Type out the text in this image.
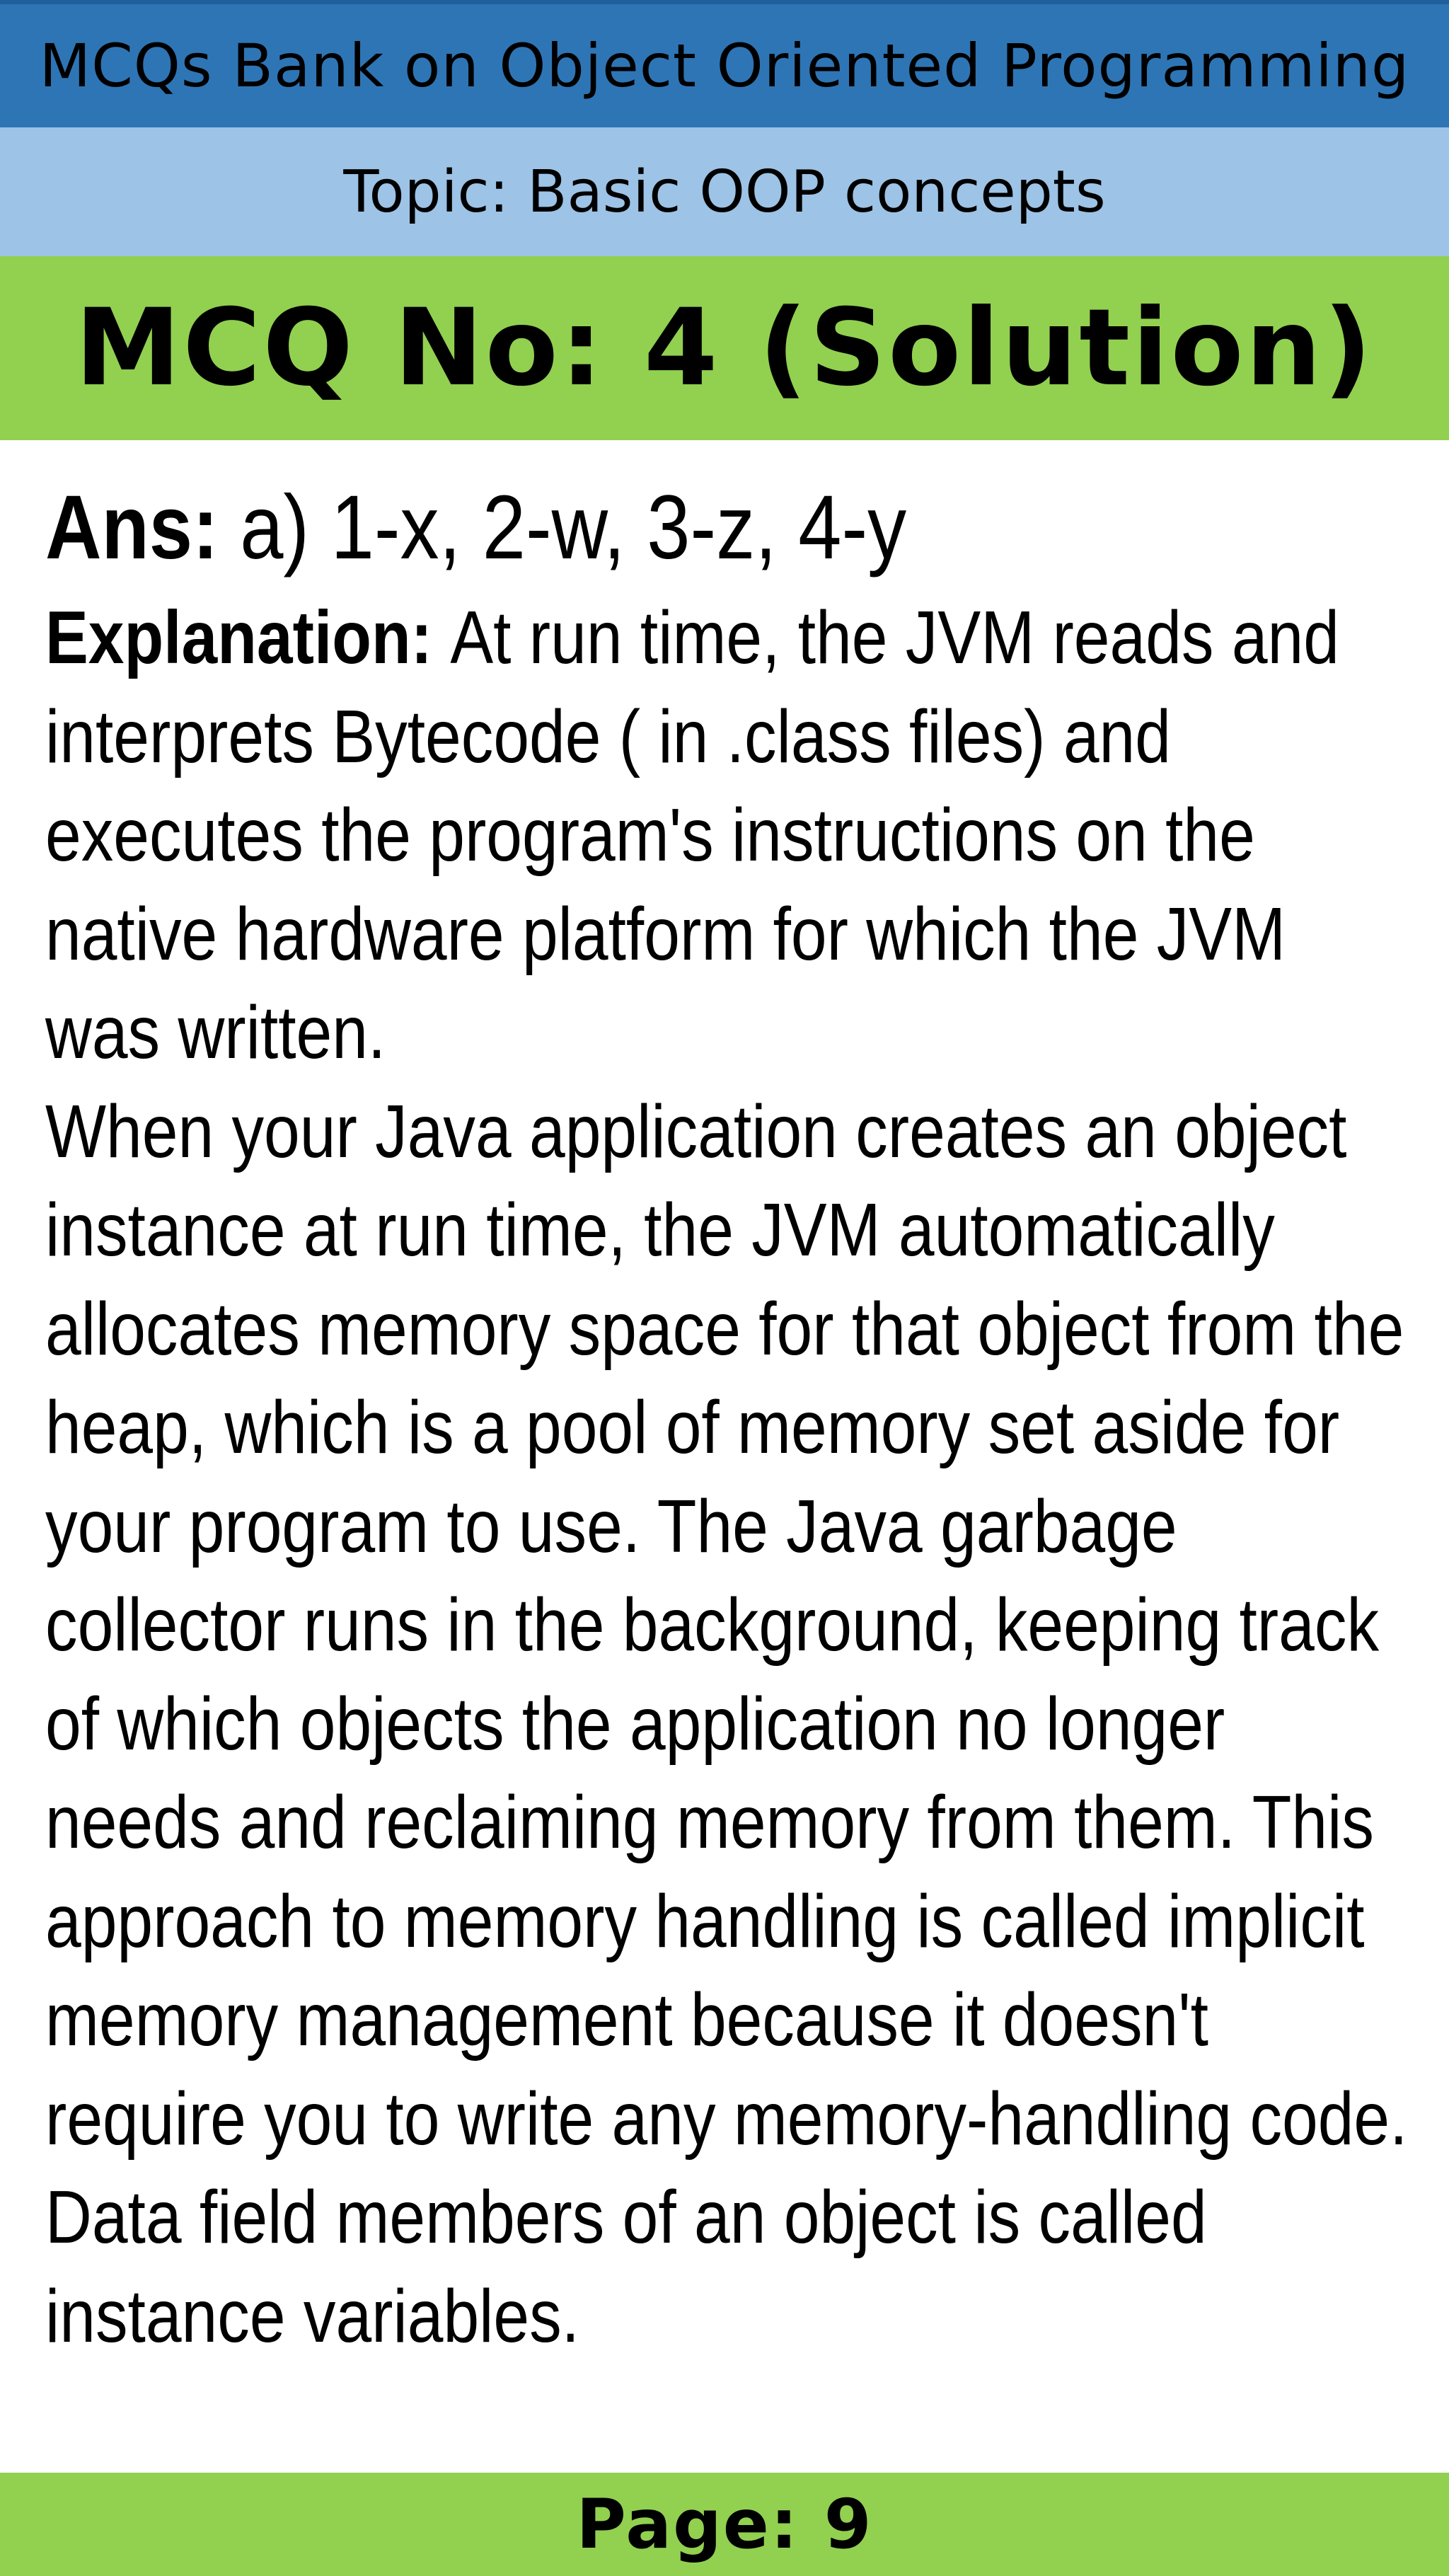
MCQs Bank on Object Oriented Programming
Topic: Basic OOP concepts
MCQ No: 4 (Solution)
Ans: a) 1-x, 2-w, 3-z, 4-y

Explanation: At run time, the JVM reads and interprets Bytecode ( in .class files) and executes the program's instructions on the native hardware platform for which the JVM was written.

When your Java application creates an object instance at run time, the JVM automatically allocates memory space for that object from the heap, which is a pool of memory set aside for your program to use. The Java garbage collector runs in the background, keeping track of which objects the application no longer needs and reclaiming memory from them. This approach to memory handling is called implicit memory management because it doesn't require you to write any memory-handling code. Data field members of an object is called instance variables.

Page: 9
